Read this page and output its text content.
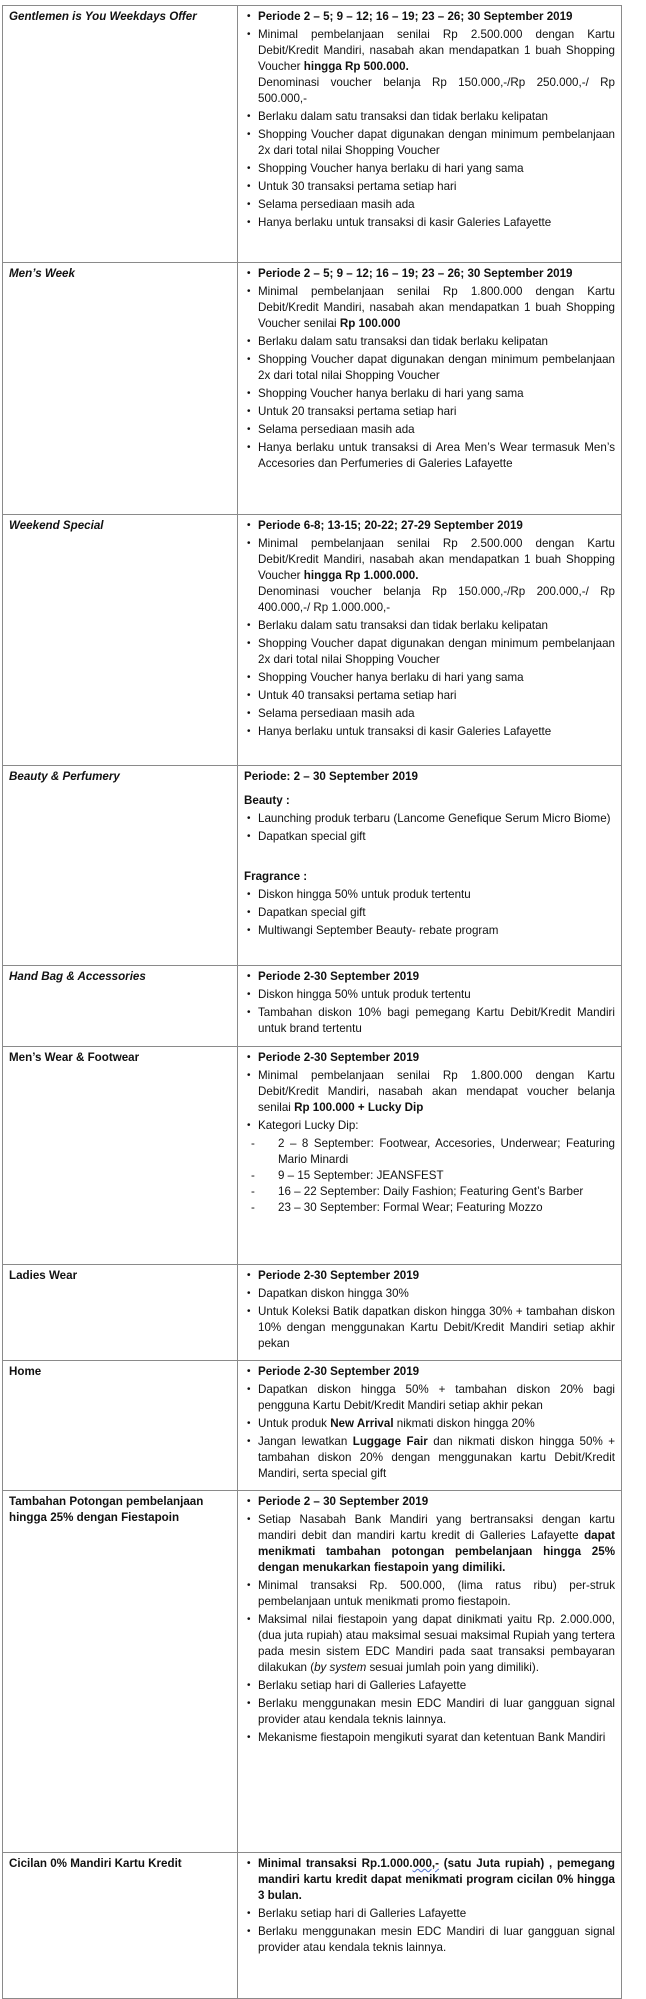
Gentlemen is You Weekdays Offer	
•Periode 2 – 5; 9 – 12; 16 – 19; 23 – 26; 30 September 2019
• Minimal pembelanjaan senilai Rp 2.500.000 dengan Kartu Debit/Kredit Mandiri, nasabah akan mendapatkan 1 buah Shopping Voucher hingga Rp 500.000.
Denominasi voucher belanja Rp 150.000,-/Rp 250.000,-/ Rp 500.000,-
• Berlaku dalam satu transaksi dan tidak berlaku kelipatan
• Shopping Voucher dapat digunakan dengan minimum pembelanjaan 2x dari total nilai Shopping Voucher
• Shopping Voucher hanya berlaku di hari yang sama
• Untuk 30 transaksi pertama setiap hari
• Selama persediaan masih ada
• Hanya berlaku untuk transaksi di kasir Galeries Lafayette

Men’s Week	
•Periode 2 – 5; 9 – 12; 16 – 19; 23 – 26; 30 September 2019
• Minimal pembelanjaan senilai Rp 1.800.000 dengan Kartu Debit/Kredit Mandiri, nasabah akan mendapatkan 1 buah Shopping Voucher senilai Rp 100.000
• Berlaku dalam satu transaksi dan tidak berlaku kelipatan
• Shopping Voucher dapat digunakan dengan minimum pembelanjaan 2x dari total nilai Shopping Voucher
• Shopping Voucher hanya berlaku di hari yang sama
• Untuk 20 transaksi pertama setiap hari
• Selama persediaan masih ada
• Hanya berlaku untuk transaksi di Area Men’s Wear termasuk Men’s Accesories dan Perfumeries di Galeries Lafayette

Weekend Special	
•Periode 6-8; 13-15; 20-22; 27-29 September 2019
• Minimal pembelanjaan senilai Rp 2.500.000 dengan Kartu Debit/Kredit Mandiri, nasabah akan mendapatkan 1 buah Shopping Voucher hingga Rp 1.000.000.
Denominasi voucher belanja Rp 150.000,-/Rp 200.000,-/ Rp 400.000,-/ Rp 1.000.000,-
• Berlaku dalam satu transaksi dan tidak berlaku kelipatan
• Shopping Voucher dapat digunakan dengan minimum pembelanjaan 2x dari total nilai Shopping Voucher
• Shopping Voucher hanya berlaku di hari yang sama
• Untuk 40 transaksi pertama setiap hari
• Selama persediaan masih ada
• Hanya berlaku untuk transaksi di kasir Galeries Lafayette

Beauty & Perfumery	Periode: 2 – 30 September 2019
Beauty :
• Launching produk terbaru (Lancome Genefique Serum Micro Biome)
• Dapatkan special gift
Fragrance :
• Diskon hingga 50% untuk produk tertentu
• Dapatkan special gift
• Multiwangi September Beauty- rebate program

Hand Bag & Accessories	
•Periode 2-30 September 2019
• Diskon hingga 50% untuk produk tertentu
• Tambahan diskon 10% bagi pemegang Kartu Debit/Kredit Mandiri untuk brand tertentu

Men’s Wear & Footwear	
•Periode 2-30 September 2019
• Minimal pembelanjaan senilai Rp 1.800.000 dengan Kartu Debit/Kredit Mandiri, nasabah akan mendapat voucher belanja senilai Rp 100.000 + Lucky Dip
• Kategori Lucky Dip:
- 2 – 8 September: Footwear, Accesories, Underwear; Featuring Mario Minardi
- 9 – 15 September: JEANSFEST
- 16 – 22 September: Daily Fashion; Featuring Gent’s Barber
- 23 – 30 September: Formal Wear; Featuring Mozzo

Ladies Wear	
•Periode 2-30 September 2019
• Dapatkan diskon hingga 30%
• Untuk Koleksi Batik dapatkan diskon hingga 30% + tambahan diskon 10% dengan menggunakan Kartu Debit/Kredit Mandiri setiap akhir pekan

Home	
•Periode 2-30 September 2019
• Dapatkan diskon hingga 50% + tambahan diskon 20% bagi pengguna Kartu Debit/Kredit Mandiri setiap akhir pekan
• Untuk produk New Arrival nikmati diskon hingga 20%
• Jangan lewatkan Luggage Fair dan nikmati diskon hingga 50% + tambahan diskon 20% dengan menggunakan kartu Debit/Kredit Mandiri, serta special gift

Tambahan Potongan pembelanjaan hingga 25% dengan Fiestapoin	
• Periode 2 – 30 September 2019
• Setiap Nasabah Bank Mandiri yang bertransaksi dengan kartu mandiri debit dan mandiri kartu kredit di Galleries Lafayette dapat menikmati tambahan potongan pembelanjaan hingga 25% dengan menukarkan fiestapoin yang dimiliki.
• Minimal transaksi Rp. 500.000, (lima ratus ribu) per-struk pembelanjaan untuk menikmati promo fiestapoin.
• Maksimal nilai fiestapoin yang dapat dinikmati yaitu Rp. 2.000.000, (dua juta rupiah) atau maksimal sesuai maksimal Rupiah yang tertera pada mesin sistem EDC Mandiri pada saat transaksi pembayaran dilakukan (by system sesuai jumlah poin yang dimiliki).
• Berlaku setiap hari di Galleries Lafayette
• Berlaku menggunakan mesin EDC Mandiri di luar gangguan signal provider atau kendala teknis lainnya.
• Mekanisme fiestapoin mengikuti syarat dan ketentuan Bank Mandiri

Cicilan 0% Mandiri Kartu Kredit	
•Minimal transaksi Rp.1.000.000,- (satu Juta rupiah) , pemegang mandiri kartu kredit dapat menikmati program cicilan 0% hingga 3 bulan.
• Berlaku setiap hari di Galleries Lafayette
• Berlaku menggunakan mesin EDC Mandiri di luar gangguan signal provider atau kendala teknis lainnya.
